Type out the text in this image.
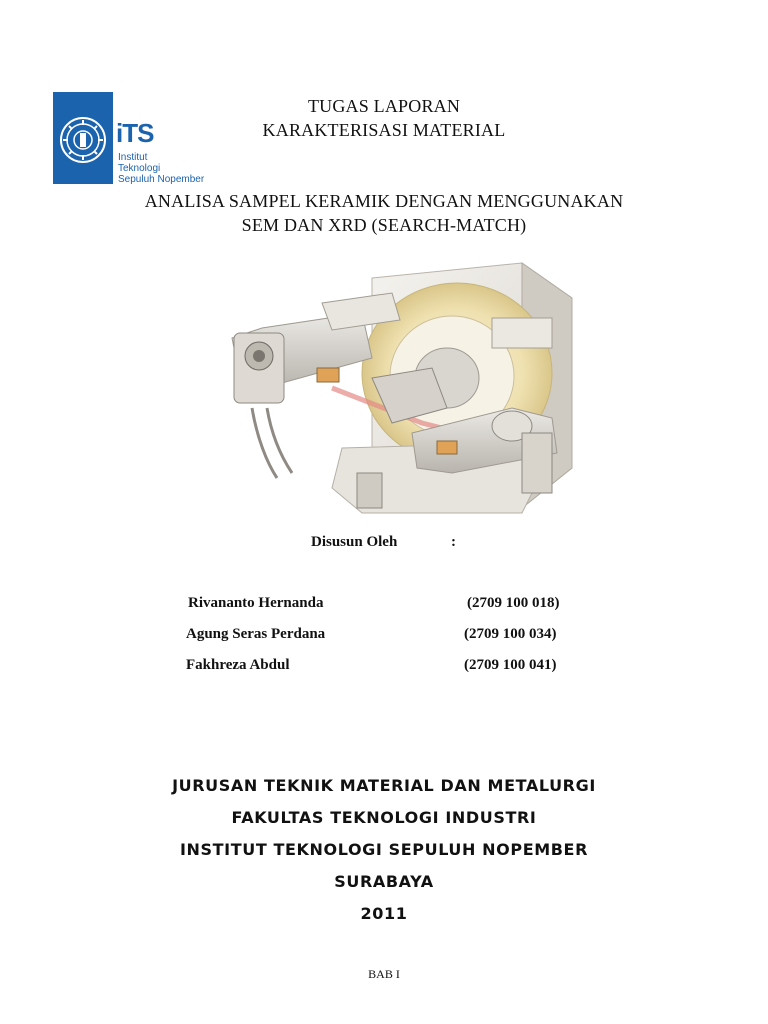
iTS
Institut
Teknologi
Sepuluh Nopember
TUGAS LAPORAN
KARAKTERISASI MATERIAL
ANALISA SAMPEL KERAMIK DENGAN MENGGUNAKAN
SEM DAN XRD (SEARCH-MATCH)
Disusun Oleh	:
Rivananto Hernanda	(2709 100 018)
Agung Seras Perdana	(2709 100 034)
Fakhreza Abdul	(2709 100 041)
JURUSAN TEKNIK MATERIAL DAN METALURGI
FAKULTAS TEKNOLOGI INDUSTRI
INSTITUT TEKNOLOGI SEPULUH NOPEMBER
SURABAYA
2011
BAB I
